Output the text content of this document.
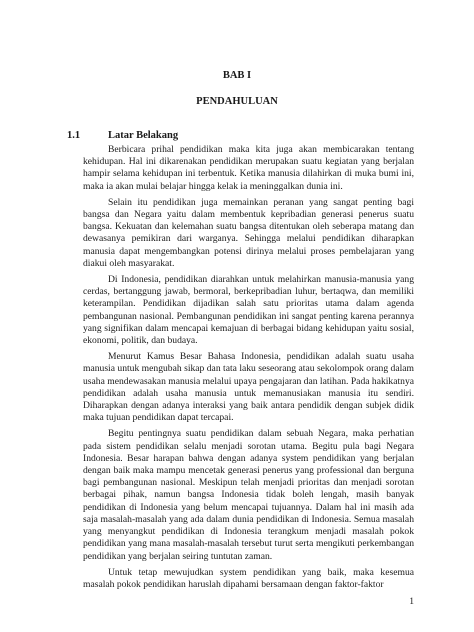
BAB I
PENDAHULUAN
1.1	Latar Belakang

Berbicara prihal pendidikan maka kita juga akan membicarakan tentang kehidupan. Hal ini dikarenakan pendidikan merupakan suatu kegiatan yang berjalan hampir selama kehidupan ini terbentuk. Ketika manusia dilahirkan di muka bumi ini, maka ia akan mulai belajar hingga kelak ia meninggalkan dunia ini.

Selain itu pendidikan juga memainkan peranan yang sangat penting bagi bangsa dan Negara yaitu dalam membentuk kepribadian generasi penerus suatu bangsa. Kekuatan dan kelemahan suatu bangsa ditentukan oleh seberapa matang dan dewasanya pemikiran dari warganya. Sehingga melalui pendidikan diharapkan manusia dapat mengembangkan potensi dirinya melalui proses pembelajaran yang diakui oleh masyarakat.

Di Indonesia, pendidikan diarahkan untuk melahirkan manusia-manusia yang cerdas, bertanggung jawab, bermoral, berkepribadian luhur, bertaqwa, dan memiliki keterampilan. Pendidikan dijadikan salah satu prioritas utama dalam agenda pembangunan nasional. Pembangunan pendidikan ini sangat penting karena perannya yang signifikan dalam mencapai kemajuan di berbagai bidang kehidupan yaitu sosial, ekonomi, politik, dan budaya.

Menurut Kamus Besar Bahasa Indonesia, pendidikan adalah suatu usaha manusia untuk mengubah sikap dan tata laku seseorang atau sekolompok orang dalam usaha mendewasakan manusia melalui upaya pengajaran dan latihan. Pada hakikatnya pendidikan adalah usaha manusia untuk memanusiakan manusia itu sendiri. Diharapkan dengan adanya interaksi yang baik antara pendidik dengan subjek didik maka tujuan pendidikan dapat tercapai.

Begitu pentingnya suatu pendidikan dalam sebuah Negara, maka perhatian pada sistem pendidikan selalu menjadi sorotan utama. Begitu pula bagi Negara Indonesia. Besar harapan bahwa dengan adanya system pendidikan yang berjalan dengan baik maka mampu mencetak generasi penerus yang professional dan berguna bagi pembangunan nasional. Meskipun telah menjadi prioritas dan menjadi sorotan berbagai pihak, namun bangsa Indonesia tidak boleh lengah, masih banyak pendidikan di Indonesia yang belum mencapai tujuannya. Dalam hal ini masih ada saja masalah-masalah yang ada dalam dunia pendidikan di Indonesia. Semua masalah yang menyangkut pendidikan di Indonesia terangkum menjadi masalah pokok pendidikan yang mana masalah-masalah tersebut turut serta mengikuti perkembangan pendidikan yang berjalan seiring tuntutan zaman.

Untuk tetap mewujudkan system pendidikan yang baik, maka kesemua masalah pokok pendidikan haruslah dipahami bersamaan dengan faktor-faktor

1
